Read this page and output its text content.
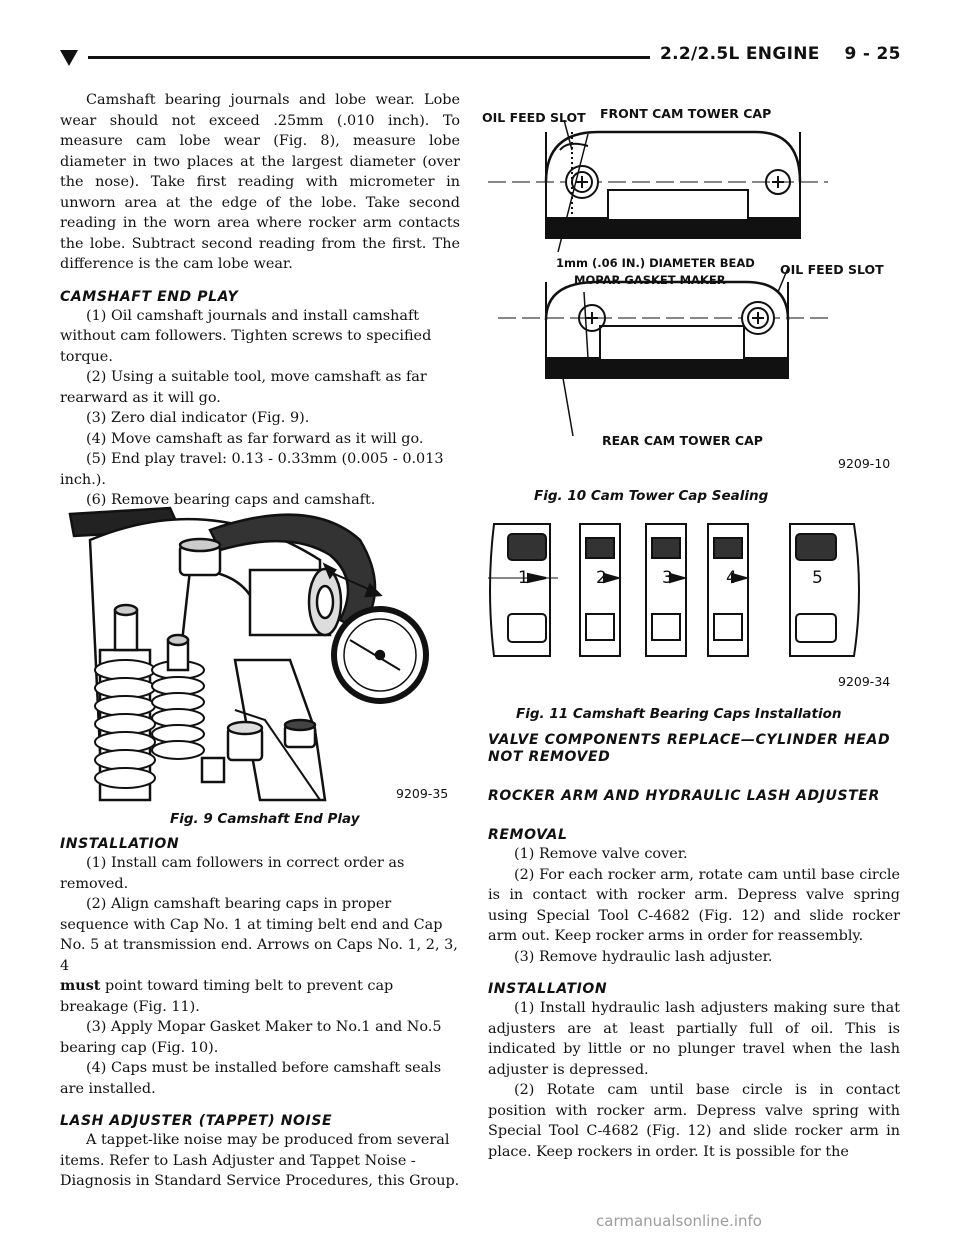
2.2/2.5L ENGINE    9 - 25

Camshaft bearing journals and lobe wear. Lobe wear should not exceed .25mm (.010 inch). To measure cam lobe wear (Fig. 8), measure lobe diameter in two places at the largest diameter (over the nose). Take first reading with micrometer in unworn area at the edge of the lobe. Take second reading in the worn area where rocker arm contacts the lobe. Subtract second reading from the first. The difference is the cam lobe wear.

CAMSHAFT END PLAY

(1) Oil camshaft journals and install camshaft without cam followers. Tighten screws to specified torque.

(2) Using a suitable tool, move camshaft as far rearward as it will go.

(3) Zero dial indicator (Fig. 9).

(4) Move camshaft as far forward as it will go.

(5) End play travel: 0.13 - 0.33mm (0.005 - 0.013 inch.).

(6) Remove bearing caps and camshaft.

9209-35
Fig. 9 Camshaft End Play
INSTALLATION

(1) Install cam followers in correct order as removed.

(2) Align camshaft bearing caps in proper sequence with Cap No. 1 at timing belt end and Cap No. 5 at transmission end. Arrows on Caps No. 1, 2, 3, 4

must point toward timing belt to prevent cap breakage (Fig. 11).

(3) Apply Mopar Gasket Maker to No.1 and No.5 bearing cap (Fig. 10).

(4) Caps must be installed before camshaft seals are installed.

LASH ADJUSTER (TAPPET) NOISE

A tappet-like noise may be produced from several items. Refer to Lash Adjuster and Tappet Noise - Diagnosis in Standard Service Procedures, this Group.

OIL FEED SLOT FRONT CAM TOWER CAP
1mm (.06 IN.) DIAMETER BEAD
MOPAR GASKET MAKER
OIL FEED SLOT
REAR CAM TOWER CAP
9209-10
Fig. 10 Cam Tower Cap Sealing
1	2	3	4	5
9209-34
Fig. 11 Camshaft Bearing Caps Installation
VALVE COMPONENTS REPLACE—CYLINDER HEAD NOT REMOVED
ROCKER ARM AND HYDRAULIC LASH ADJUSTER
REMOVAL

(1) Remove valve cover.

(2) For each rocker arm, rotate cam until base circle is in contact with rocker arm. Depress valve spring using Special Tool C-4682 (Fig. 12) and slide rocker arm out. Keep rocker arms in order for reassembly.

(3) Remove hydraulic lash adjuster.

INSTALLATION

(1) Install hydraulic lash adjusters making sure that adjusters are at least partially full of oil. This is indicated by little or no plunger travel when the lash adjuster is depressed.

(2) Rotate cam until base circle is in contact position with rocker arm. Depress valve spring with Special Tool C-4682 (Fig. 12) and slide rocker arm in place. Keep rockers in order. It is possible for the

carmanualsonline.info
